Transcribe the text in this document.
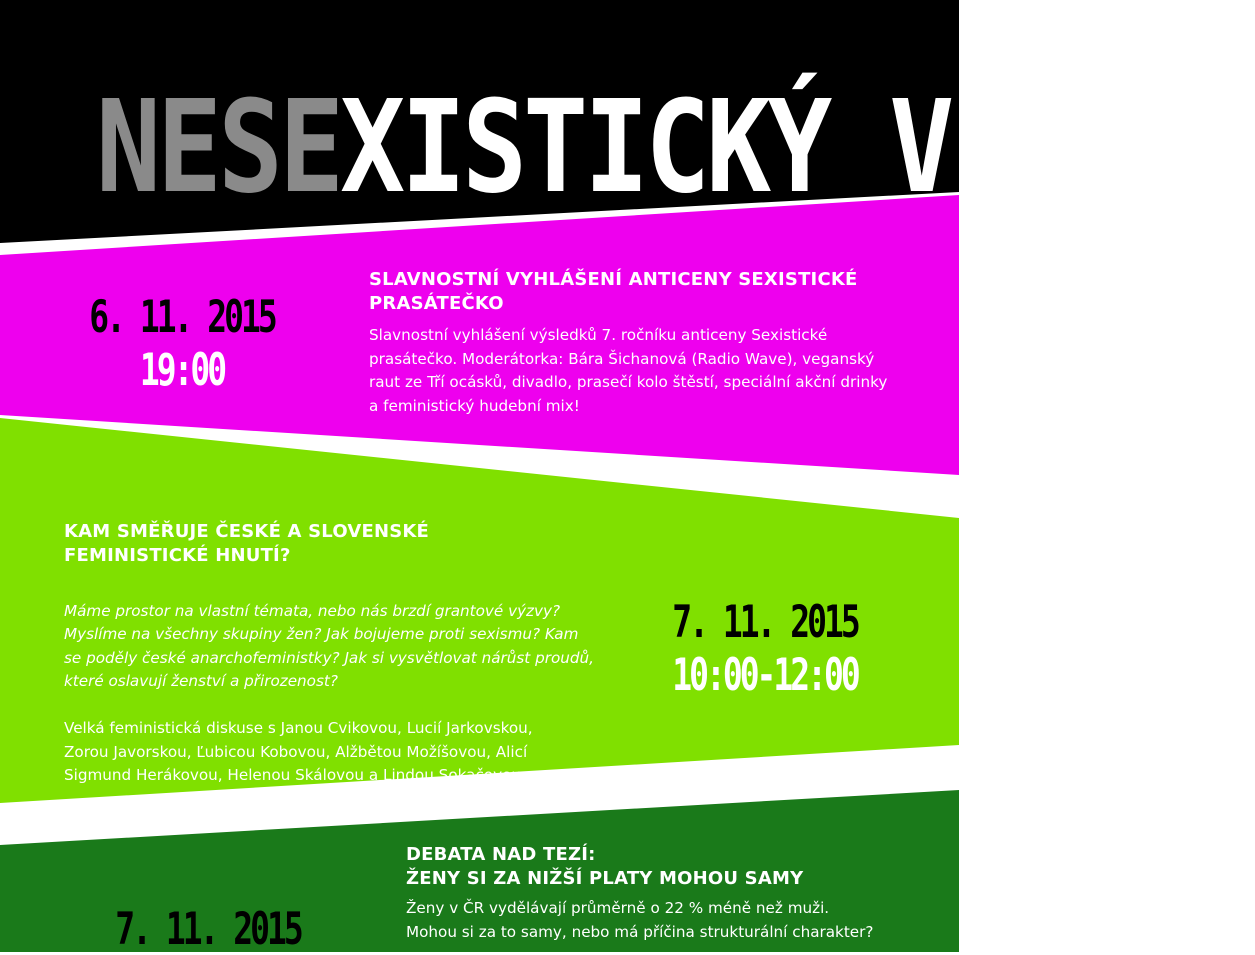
NESEXISTICKÝ VÍKEND
6. 11. 2015
19:00
SLAVNOSTNÍ VYHLÁŠENÍ ANTICENY SEXISTICKÉ
PRASÁTEČKO
Slavnostní vyhlášení výsledků 7. ročníku anticeny Sexistické
prasátečko. Moderátorka: Bára Šichanová (Radio Wave), veganský
raut ze Tří ocásků, divadlo, prasečí kolo štěstí, speciální akční drinky
a feministický hudební mix!
KAM SMĚŘUJE ČESKÉ A SLOVENSKÉ
FEMINISTICKÉ HNUTÍ?

Máme prostor na vlastní témata, nebo nás brzdí grantové výzvy?
Myslíme na všechny skupiny žen? Jak bojujeme proti sexismu? Kam
se poděly české anarchofeministky? Jak si vysvětlovat nárůst proudů,
které oslavují ženství a přirozenost?

Velká feministická diskuse s Janou Cvikovou, Lucií Jarkovskou,
Zorou Javorskou, Ľubicou Kobovou, Alžbětou Možíšovou, Alicí
Sigmund Herákovou, Helenou Skálovou a Lindou Sokačovou.

7. 11. 2015
10:00-12:00
7. 11. 2015
DEBATA NAD TEZÍ:
ŽENY SI ZA NIŽŠÍ PLATY MOHOU SAMY
Ženy v ČR vydělávají průměrně o 22 % méně než muži.
Mohou si za to samy, nebo má příčina strukturální charakter?
